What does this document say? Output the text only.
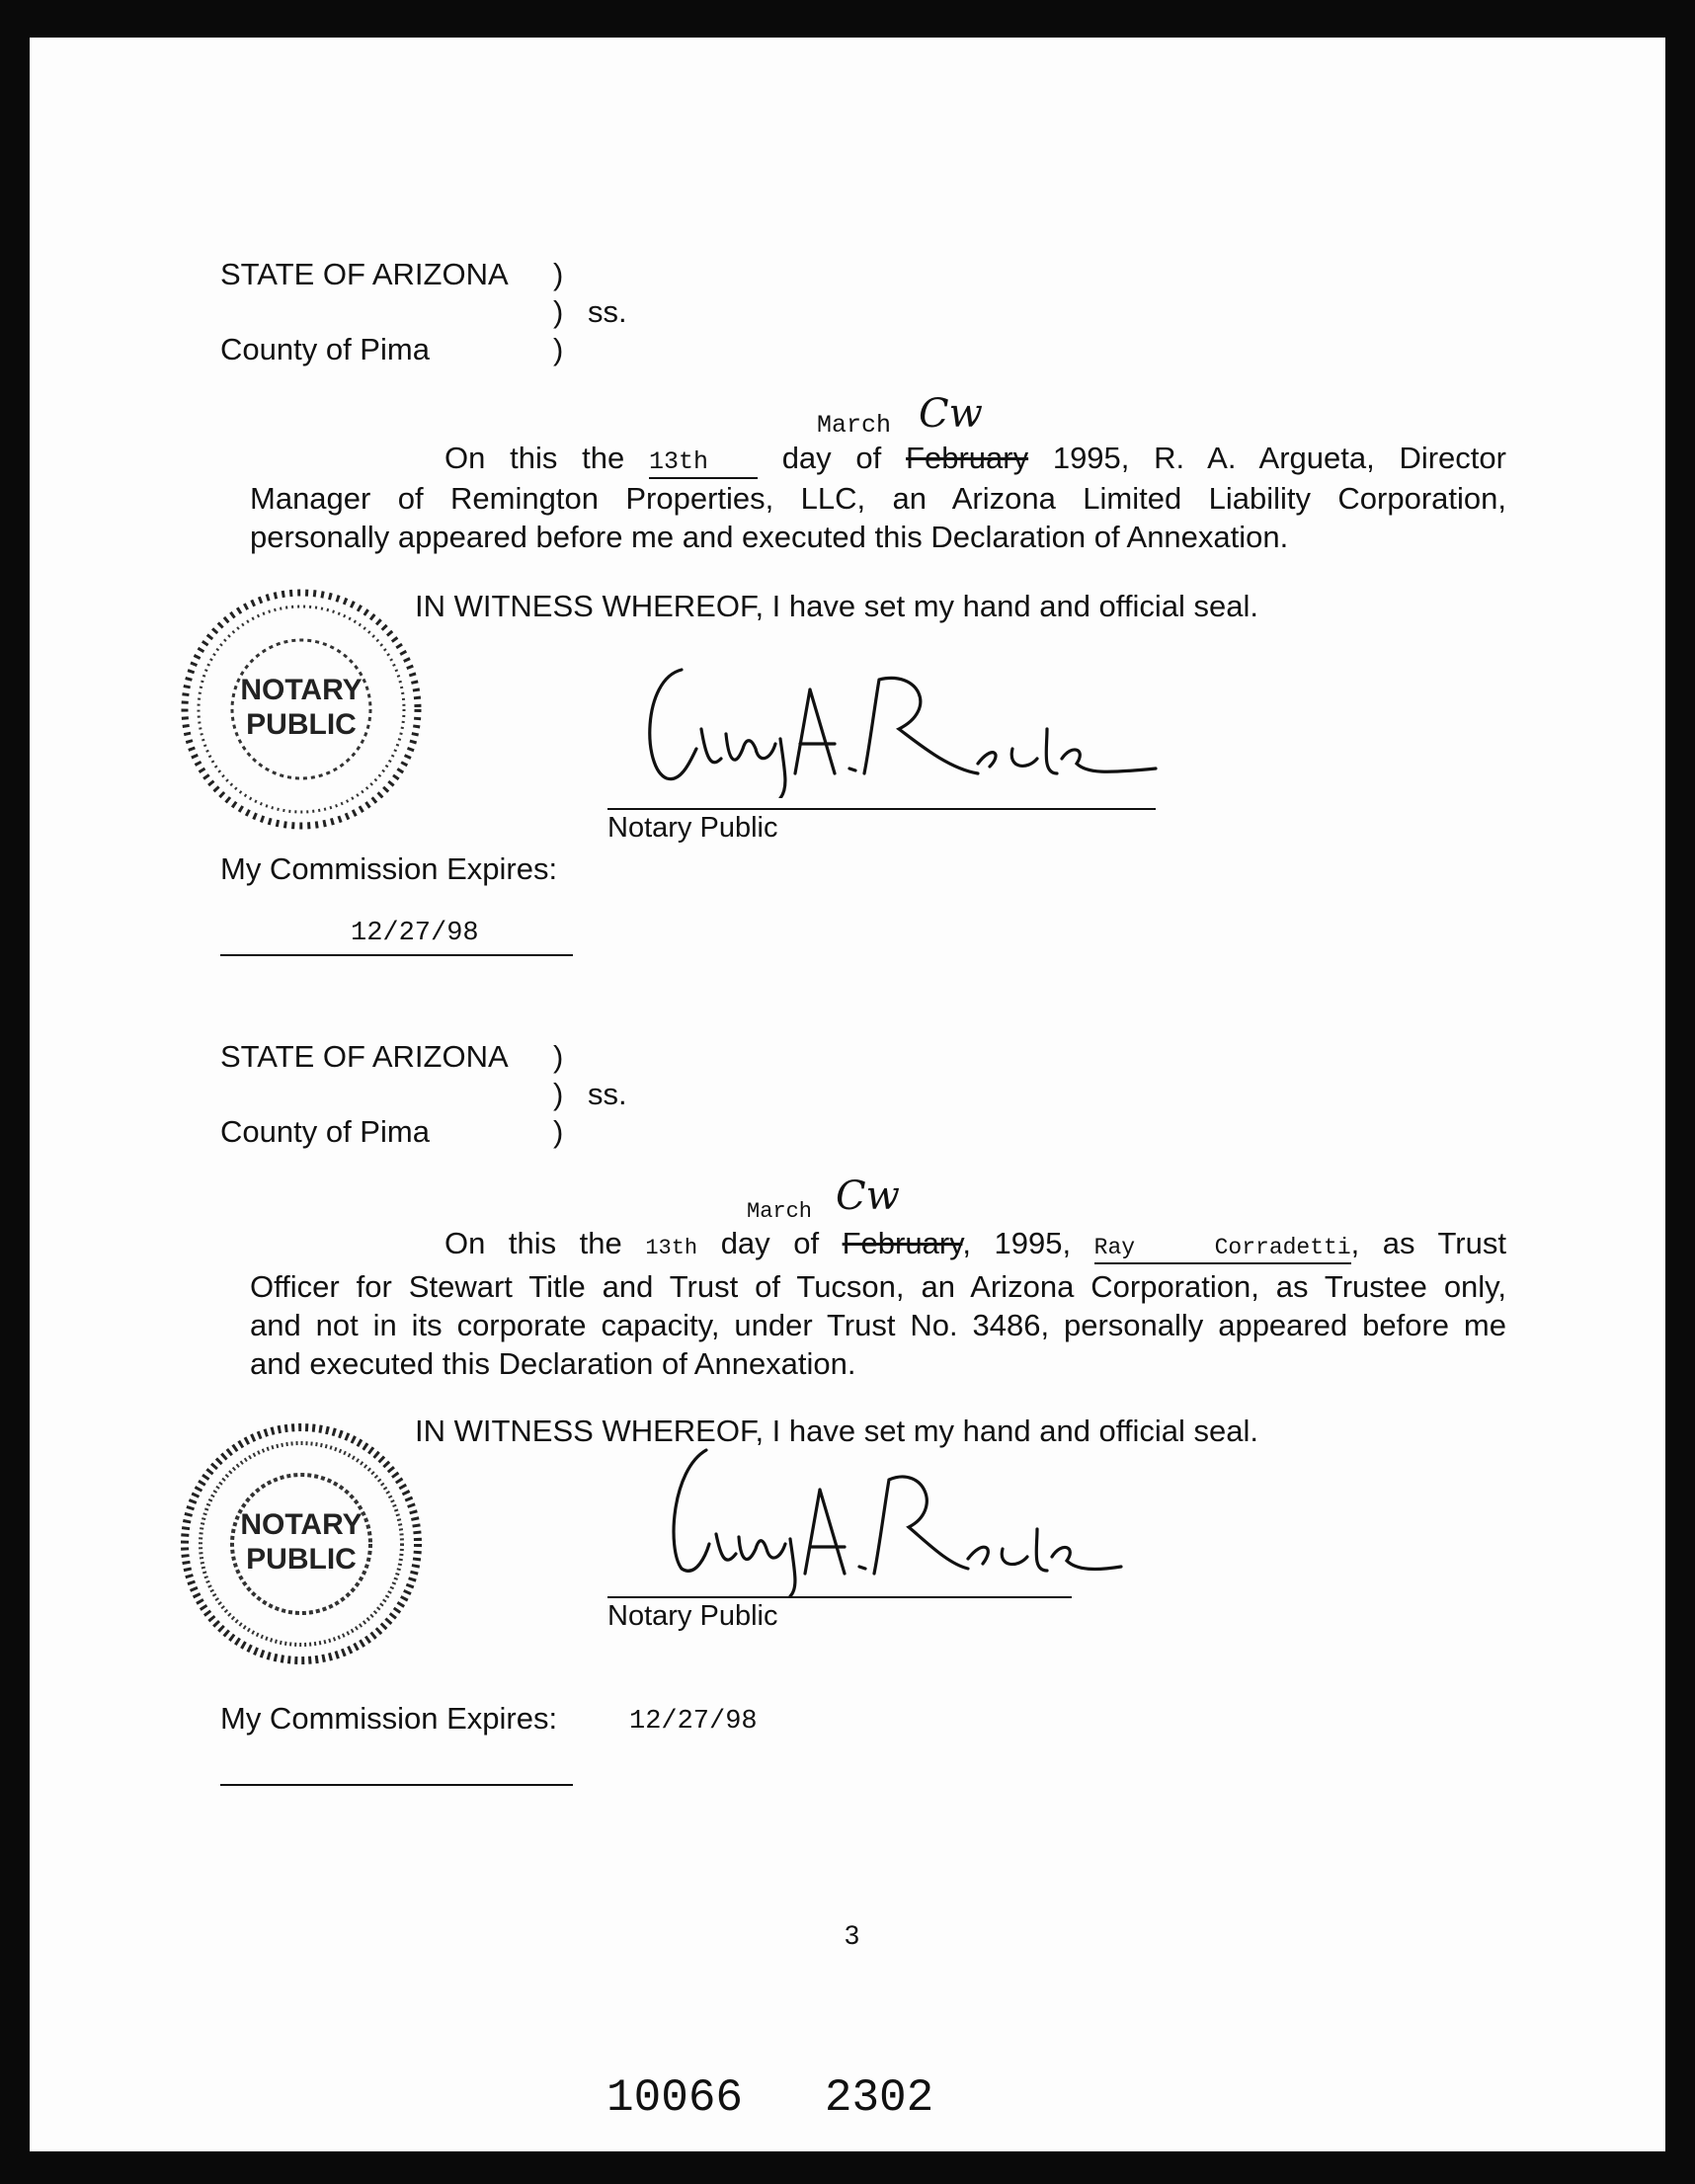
STATE OF ARIZONA )
) ss.
County of Pima	)
March Cw
On this the 13th day of February 1995, R. A. Argueta, Director
Manager of Remington Properties, LLC, an Arizona Limited Liability Corporation,
personally appeared before me and executed this Declaration of Annexation.
IN WITNESS WHEREOF, I have set my hand and official seal.
NOTARY
PUBLIC
Notary Public
My Commission Expires:
12/27/98
STATE OF ARIZONA )
) ss.
County of Pima	)
March Cw
On this the 13th day of February, 1995, Ray Corradetti, as Trust
Officer for Stewart Title and Trust of Tucson, an Arizona Corporation, as Trustee only,
and not in its corporate capacity, under Trust No. 3486, personally appeared before me
and executed this Declaration of Annexation.
IN WITNESS WHEREOF, I have set my hand and official seal.
NOTARY
PUBLIC
Notary Public
My Commission Expires:	12/27/98
3
10066   2302
